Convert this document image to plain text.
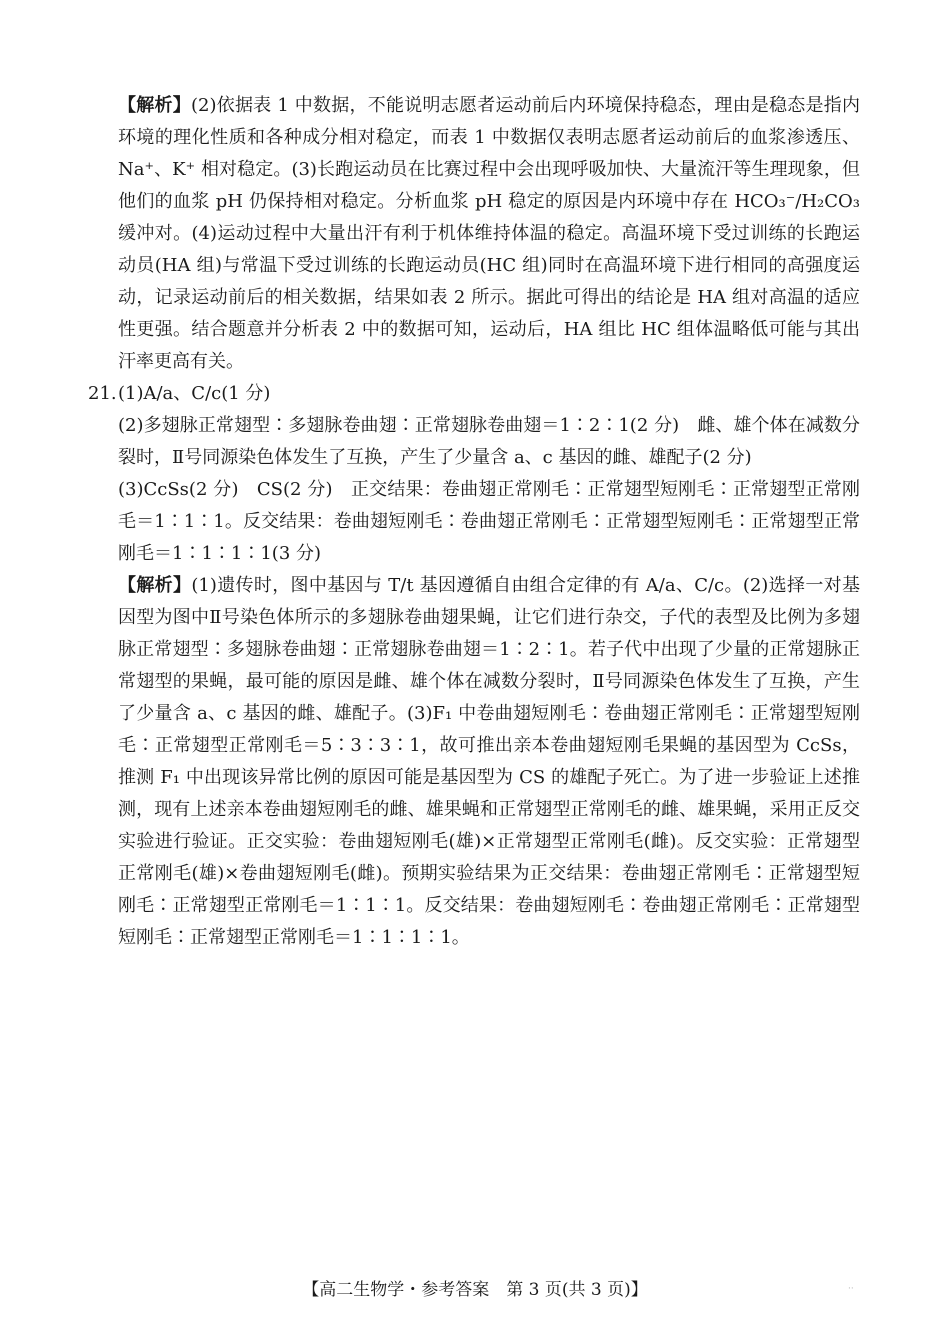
【解析】(2)依据表 1 中数据，不能说明志愿者运动前后内环境保持稳态，理由是稳态是指内环境的理化性质和各种成分相对稳定，而表 1 中数据仅表明志愿者运动前后的血浆渗透压、Na⁺、K⁺ 相对稳定。(3)长跑运动员在比赛过程中会出现呼吸加快、大量流汗等生理现象，但他们的血浆 pH 仍保持相对稳定。分析血浆 pH 稳定的原因是内环境中存在 HCO₃⁻/H₂CO₃ 缓冲对。(4)运动过程中大量出汗有利于机体维持体温的稳定。高温环境下受过训练的长跑运动员(HA 组)与常温下受过训练的长跑运动员(HC 组)同时在高温环境下进行相同的高强度运动，记录运动前后的相关数据，结果如表 2 所示。据此可得出的结论是 HA 组对高温的适应性更强。结合题意并分析表 2 中的数据可知，运动后，HA 组比 HC 组体温略低可能与其出汗率更高有关。

21. (1)A/a、C/c(1 分)

(2)多翅脉正常翅型∶多翅脉卷曲翅∶正常翅脉卷曲翅＝1∶2∶1(2 分)　雌、雄个体在减数分裂时，Ⅱ号同源染色体发生了互换，产生了少量含 a、c 基因的雌、雄配子(2 分)

(3)CcSs(2 分)　CS(2 分)　正交结果：卷曲翅正常刚毛∶正常翅型短刚毛∶正常翅型正常刚毛＝1∶1∶1。反交结果：卷曲翅短刚毛∶卷曲翅正常刚毛∶正常翅型短刚毛∶正常翅型正常刚毛＝1∶1∶1∶1(3 分)

【解析】(1)遗传时，图中基因与 T/t 基因遵循自由组合定律的有 A/a、C/c。(2)选择一对基因型为图中Ⅱ号染色体所示的多翅脉卷曲翅果蝇，让它们进行杂交，子代的表型及比例为多翅脉正常翅型∶多翅脉卷曲翅∶正常翅脉卷曲翅＝1∶2∶1。若子代中出现了少量的正常翅脉正常翅型的果蝇，最可能的原因是雌、雄个体在减数分裂时，Ⅱ号同源染色体发生了互换，产生了少量含 a、c 基因的雌、雄配子。(3)F₁ 中卷曲翅短刚毛∶卷曲翅正常刚毛∶正常翅型短刚毛∶正常翅型正常刚毛＝5∶3∶3∶1，故可推出亲本卷曲翅短刚毛果蝇的基因型为 CcSs，推测 F₁ 中出现该异常比例的原因可能是基因型为 CS 的雄配子死亡。为了进一步验证上述推测，现有上述亲本卷曲翅短刚毛的雌、雄果蝇和正常翅型正常刚毛的雌、雄果蝇，采用正反交实验进行验证。正交实验：卷曲翅短刚毛(雄)×正常翅型正常刚毛(雌)。反交实验：正常翅型正常刚毛(雄)×卷曲翅短刚毛(雌)。预期实验结果为正交结果：卷曲翅正常刚毛∶正常翅型短刚毛∶正常翅型正常刚毛＝1∶1∶1。反交结果：卷曲翅短刚毛∶卷曲翅正常刚毛∶正常翅型短刚毛∶正常翅型正常刚毛＝1∶1∶1∶1。

【高二生物学・参考答案　第 3 页(共 3 页)】	··
